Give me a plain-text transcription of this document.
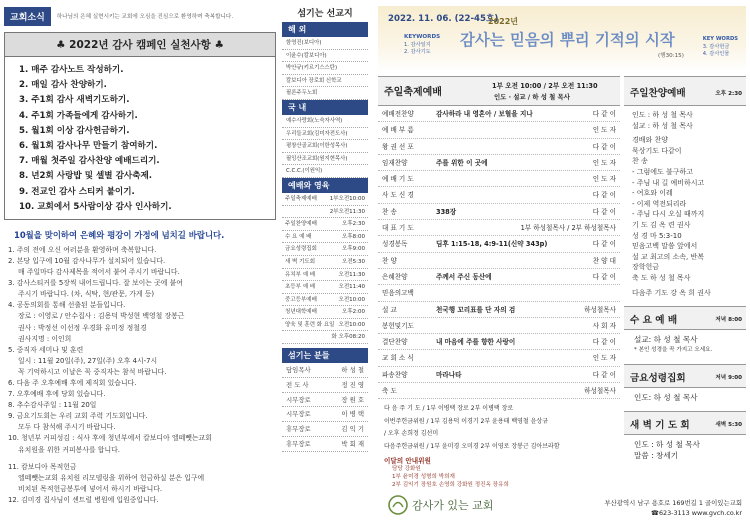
교회소식	하나님의 은혜 실현시키는 교회에 오심을 진심으로 환영하며 축복합니다.
♣ 2022년 감사 캠페인 실천사항 ♣
1. 매주 감사노트 작성하기.
2. 매일 감사 찬양하기.
3. 주1회 감사 새벽기도하기.
4. 주1회 가족들에게 감사하기.
5. 월1회 이상 감사헌금하기.
6. 월1회 감사나무 만들기 참여하기.
7. 매월 첫주일 감사찬양 예배드리기.
8. 년2회 사랑밥 및 셀별 감사축제.
9. 전교인 감사 스티커 붙이기.
10. 교회에서 5사람이상 감사 인사하기.
10월을 맞이하여 은혜와 평강이 가정에 넘치길 바랍니다.
1. 주의 전에 오신 여러분을 환영하며 축복합니다.
2. 본당 입구에 10월 감사나무가 설치되어 있습니다.
매 주일마다 감사제목을 적어서 붙여 주시기 바랍니다.
3. 감사스티커를 5장씩 내어드립니다. 잘 보이는 곳에 붙여
주시기 바랍니다. (차, 식탁, 현/관문, 가게 등)
4. 공동의회를 통해 선출된 분들입니다.
장로 : 이영로 / 안수집사 : 김용덕 박성현 백영철 장봉근
권사 : 박정선 이선정 우경화 유미정 정철경
권사지명 : 이인희
5. 중직자 세미나 및 훈련
일시 : 11월 20일(주), 27일(주) 오후 4시-7시
꼭 기억하시고 이날은 꼭 중직자는 참석 바랍니다.
6. 다음 주 오후예배 후에 제직회 있습니다.
7. 오후예배 후에 당회 있습니다.
8. 추수감사주일 : 11월 20일
9. 금요기도회는 우리 교회 주력 기도회입니다.
모두 다 참석해 주시기 바랍니다.
10. 청년부 커피성김 : 식사 후에 청년부에서 칼보디아 엘떼뺏는교회
유치원을 위한 커피봉사를 합니다.
11. 캄보디아 목적헌금
엘떼뺏는교회 유치원 리모델링을 위하여 헌금하실 분은 입구에
비치된 목적헌금봉투에 넣어서 하시기 바랍니다.
12. 김미경 집사님이 센트럴 병원에 입원중입니다.
섬기는 선교지
해 외
함영진(보디아)
이윤수(칼보디아)
박안규(키르기스스탄)
칼보디아 장로회 신학교
필론주두노회
국 내
예수사랑회(노숙자사역)
우리들교회(김미자전도사)
평창산골교회(이한성목사)
필잉산조교회(원지현목사)
C.C.C.(이원익)
예배와 영육
주일축제예배 1부오전10:00
2부오전11:30
주일찬양예배	오후2:30
수 요 예 배	오후8:00
금요성령집회	오후9:00
새 벽 기도회	오전5:30
유치부 예 배	오전11:30
초등부 예 배	오전11:40
중고등부예배	오전10:00
청년대학예배	오후2:00
양육 및 훈련 화 요일 오전10:00
화 오후08:20
섬기는 분들
담임목사	하 성 철
전 도 사	정 진 영
시무장로	장 원 호
시무장로	이 병 택
휴무장로	김 익 기
휴무장로	박 회 재
2022. 11. 06. (22-45호)
KEYWORDS
1. 감사일지
2. 감사기도
2022년
감사는 믿음의 뿌리 기적의 시작
(행30:15)
KEY WORDS
3. 감사헌금
4. 감사인물
주일축제예배
1부 오전 10:00 / 2부 오전 11:30
인도 · 설교 / 하 성 철 목사
예배전찬양	감사하라 내 영혼아 / 보혈을 지나	다 같 이
예 배 부 름	인 도 자
왕 권 선 포	다 같 이
임재찬양	주를 위한 이 곳에	인 도 자
예 배 기 도	인 도 자
사 도 신 경	다 같 이
찬 송	338장	다 같 이
대 표 기 도	1부 하성철목사 / 2부 하성철목사
성경봉독	딤후 1:15-18, 4:9-11(신약 343p)	다 같 이
찬 양	찬 양 대
은혜찬양	주께서 주신 동산에	다 같 이
믿음의고백
설 교	천국행 꼬리표를 단 자의 검	하성철목사
봉헌및기도	사 회 자
결단찬양	내 마음에 주를 향한 사랑이	다 같 이
교 회 소 식	인 도 자
파송찬양	마라나타	다 같 이
축 도	하성철목사
다 음 주 기 도 / 1부 이병택 장로 2부 이병택 장로
이번주헌금위원 / 1부 김용덕 이경기 2부 윤용태 백영철 윤상규
/ 오후 손희정 김선미
다음주헌금위원 / 1부 윤미경 오미경 2부 이영로 장봉근 김아브라함
이달의 안내위원
담당 강화원
1부 윤미경 성형희 박희재
2부 김익기 장원호 손영희 강화원 정진옥 장유희
주일찬양예배	오후 2:30
인도 : 하 성 철 목사
설교 : 하 성 철 목사
경배와 찬양
묵상기도 다같이
찬 송
- 그럼에도 불구하고
- 주님 내 길 예비하시고
- 여호와 이레
- 이제 역전되리라
- 주님 다시 오실 때까지
기 도 김 옥 련 권사
성 경 마 5:3-10
믿음고백 말씀 앞에서
설 교 최고의 소속, 반복
장학헌금
축 도 하 성 철 목사
다음주 기도 강 옥 희 권사
수 요 예 배	저녁 8:00
설교: 하 성 철 목사
* 본인 성경을 꼭 가지고 오세요.
금요성령집회	저녁 9:00
인도: 하 성 철 목사
새 벽 기 도 회	새벽 5:30
인도 : 하 성 철 목사
말씀 : 창세기
감사가 있는 교회	부산광역시 남구 용호로 169번길 1 골이있는교회
☎623-3113 www.gvch.co.kr
